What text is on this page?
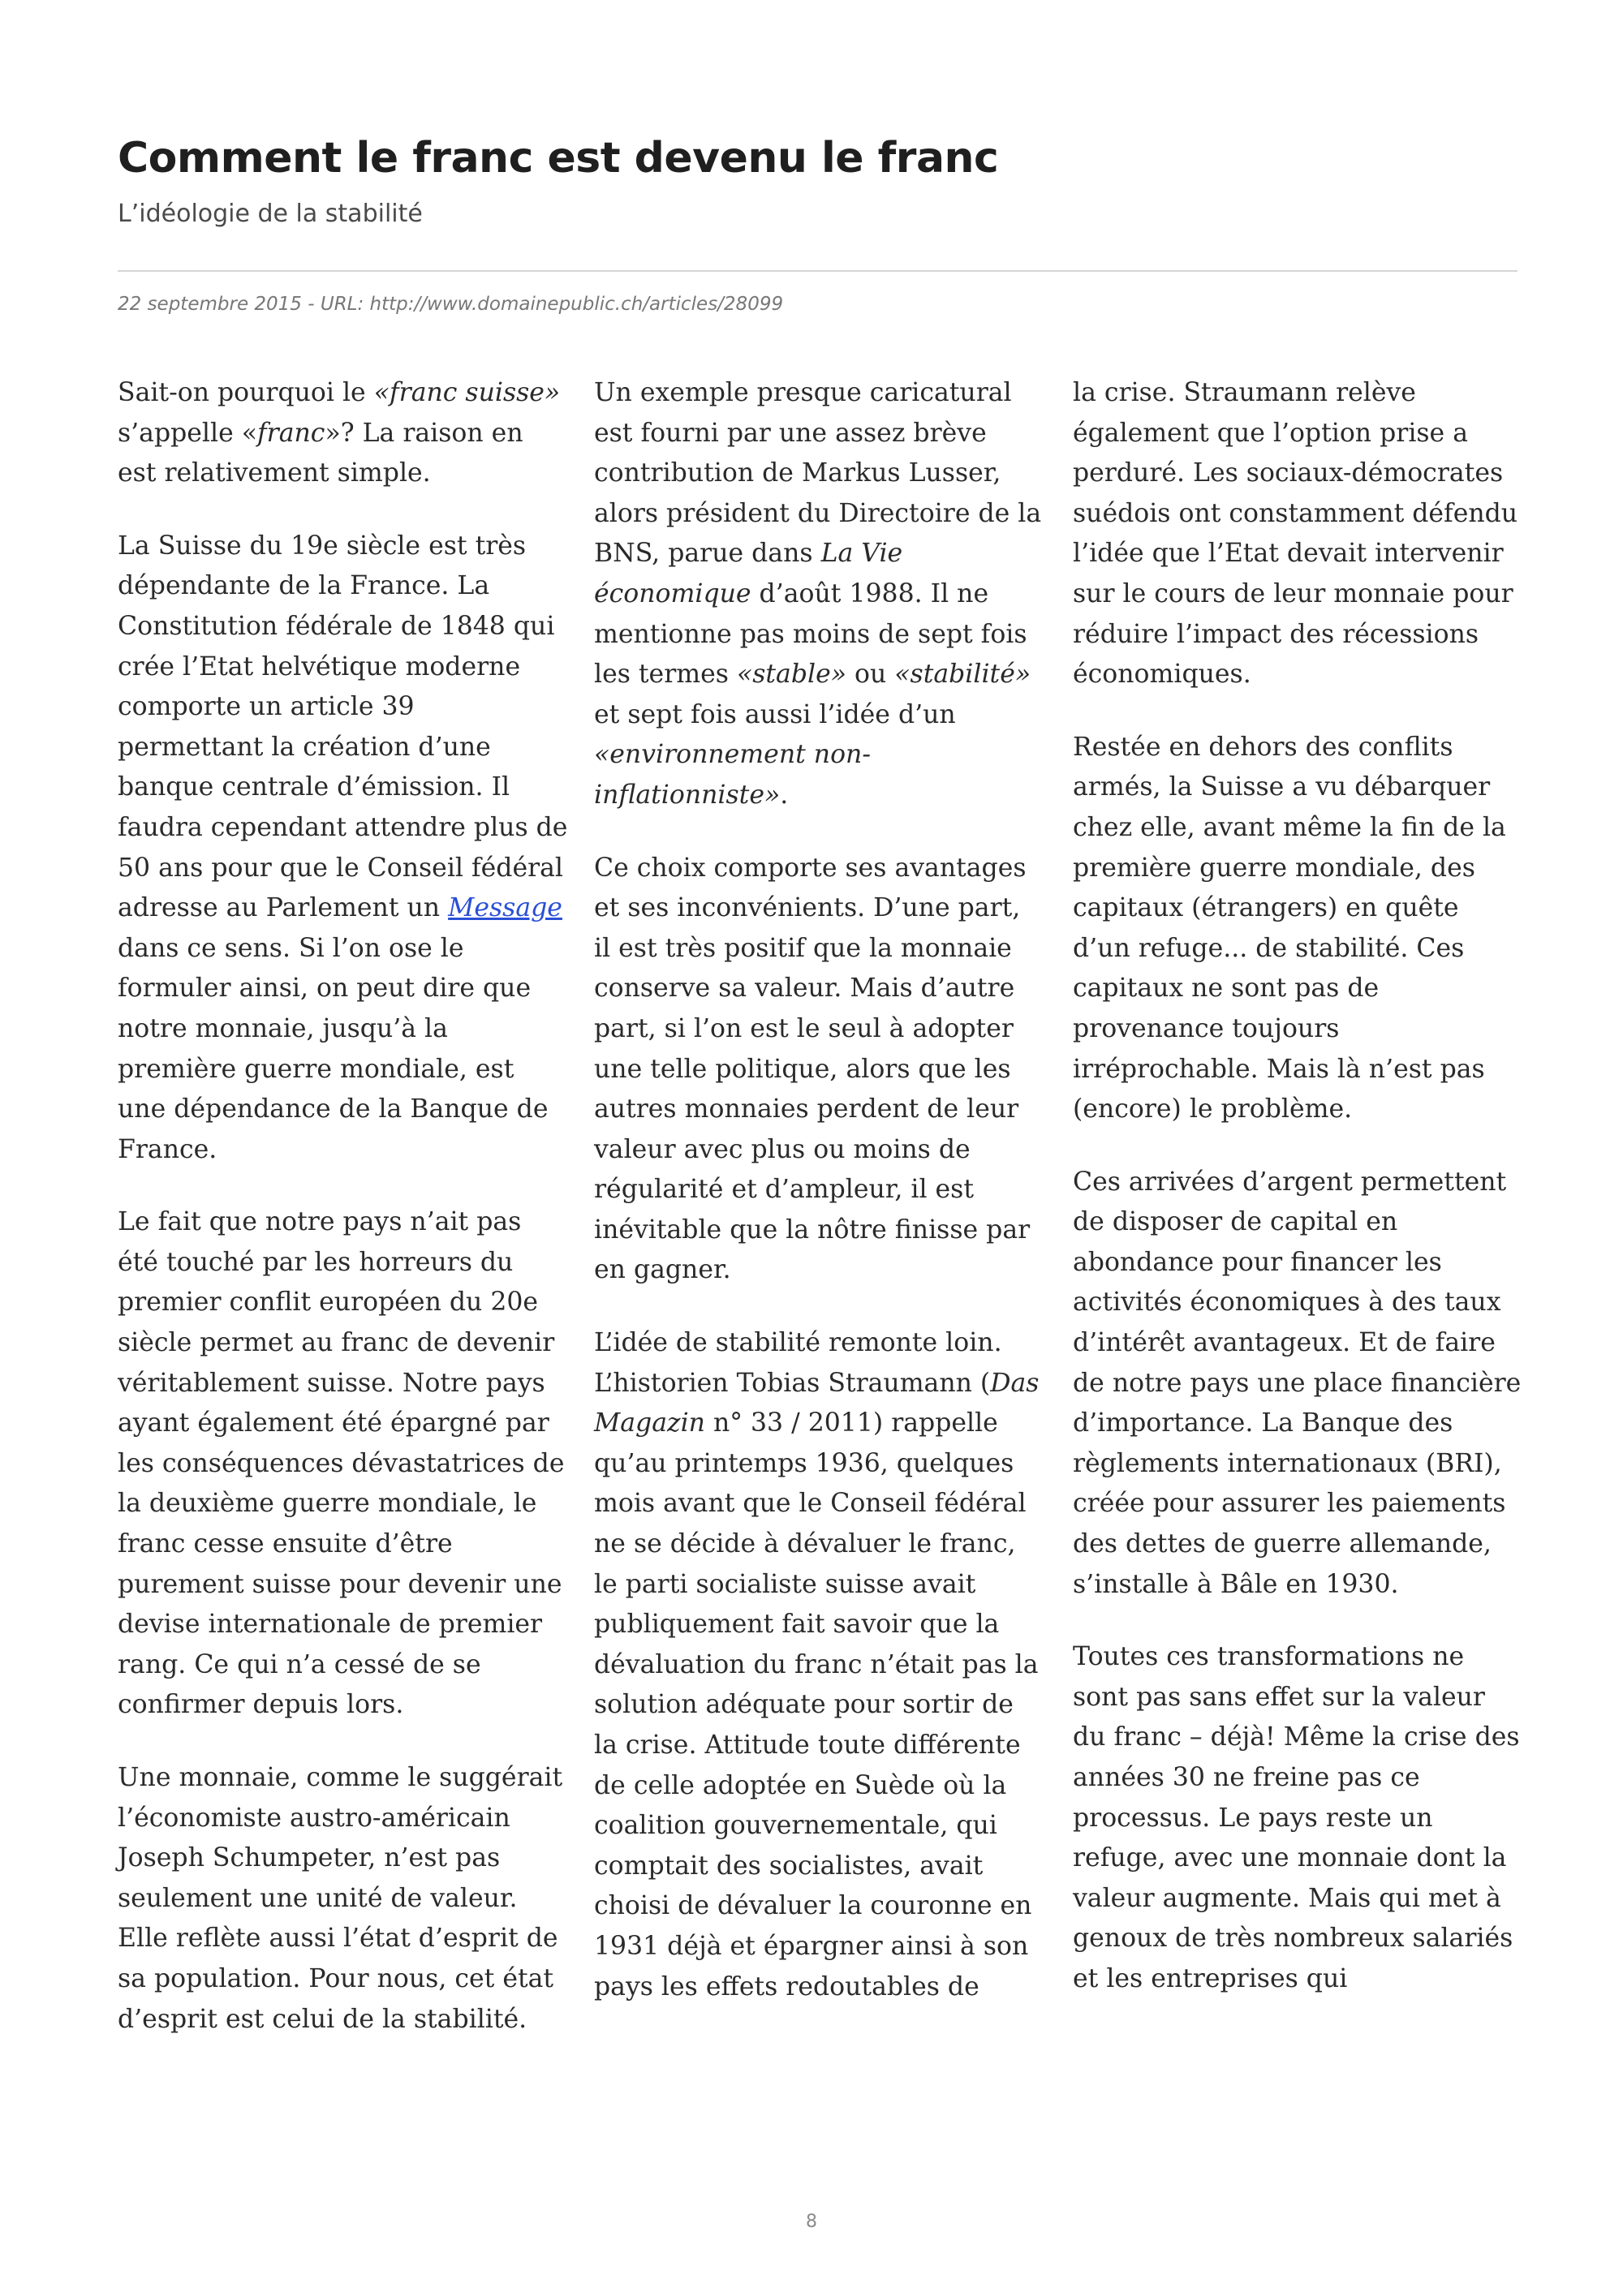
Comment le franc est devenu le franc
L’idéologie de la stabilité
22 septembre 2015 - URL: http://www.domainepublic.ch/articles/28099

Sait-on pourquoi le «franc suisse» s’appelle «franc»? La raison en est relativement simple.

La Suisse du 19e siècle est très dépendante de la France. La Constitution fédérale de 1848 qui crée l’Etat helvétique moderne comporte un article 39 permettant la création d’une banque centrale d’émission. Il faudra cependant attendre plus de 50 ans pour que le Conseil fédéral adresse au Parlement un Message dans ce sens. Si l’on ose le formuler ainsi, on peut dire que notre monnaie, jusqu’à la première guerre mondiale, est une dépendance de la Banque de France.

Le fait que notre pays n’ait pas été touché par les horreurs du premier conflit européen du 20e siècle permet au franc de devenir véritablement suisse. Notre pays ayant également été épargné par les conséquences dévastatrices de la deuxième guerre mondiale, le franc cesse ensuite d’être purement suisse pour devenir une devise internationale de premier rang. Ce qui n’a cessé de se confirmer depuis lors.

Une monnaie, comme le suggérait l’économiste austro-américain Joseph Schumpeter, n’est pas seulement une unité de valeur. Elle reflète aussi l’état d’esprit de sa population. Pour nous, cet état d’esprit est celui de la stabilité.

Un exemple presque caricatural est fourni par une assez brève contribution de Markus Lusser, alors président du Directoire de la BNS, parue dans La Vie économique d’août 1988. Il ne mentionne pas moins de sept fois les termes «stable» ou «stabilité» et sept fois aussi l’idée d’un «environnement non-inflationniste».

Ce choix comporte ses avantages et ses inconvénients. D’une part, il est très positif que la monnaie conserve sa valeur. Mais d’autre part, si l’on est le seul à adopter une telle politique, alors que les autres monnaies perdent de leur valeur avec plus ou moins de régularité et d’ampleur, il est inévitable que la nôtre finisse par en gagner.

L’idée de stabilité remonte loin. L’historien Tobias Straumann (Das Magazin n° 33 / 2011) rappelle qu’au printemps 1936, quelques mois avant que le Conseil fédéral ne se décide à dévaluer le franc, le parti socialiste suisse avait publiquement fait savoir que la dévaluation du franc n’était pas la solution adéquate pour sortir de la crise. Attitude toute différente de celle adoptée en Suède où la coalition gouvernementale, qui comptait des socialistes, avait choisi de dévaluer la couronne en 1931 déjà et épargner ainsi à son pays les effets redoutables de

la crise. Straumann relève également que l’option prise a perduré. Les sociaux-démocrates suédois ont constamment défendu l’idée que l’Etat devait intervenir sur le cours de leur monnaie pour réduire l’impact des récessions économiques.

Restée en dehors des conflits armés, la Suisse a vu débarquer chez elle, avant même la fin de la première guerre mondiale, des capitaux (étrangers) en quête d’un refuge... de stabilité. Ces capitaux ne sont pas de provenance toujours irréprochable. Mais là n’est pas (encore) le problème.

Ces arrivées d’argent permettent de disposer de capital en abondance pour financer les activités économiques à des taux d’intérêt avantageux. Et de faire de notre pays une place financière d’importance. La Banque des règlements internationaux (BRI), créée pour assurer les paiements des dettes de guerre allemande, s’installe à Bâle en 1930.

Toutes ces transformations ne sont pas sans effet sur la valeur du franc – déjà! Même la crise des années 30 ne freine pas ce processus. Le pays reste un refuge, avec une monnaie dont la valeur augmente. Mais qui met à genoux de très nombreux salariés et les entreprises qui

8
